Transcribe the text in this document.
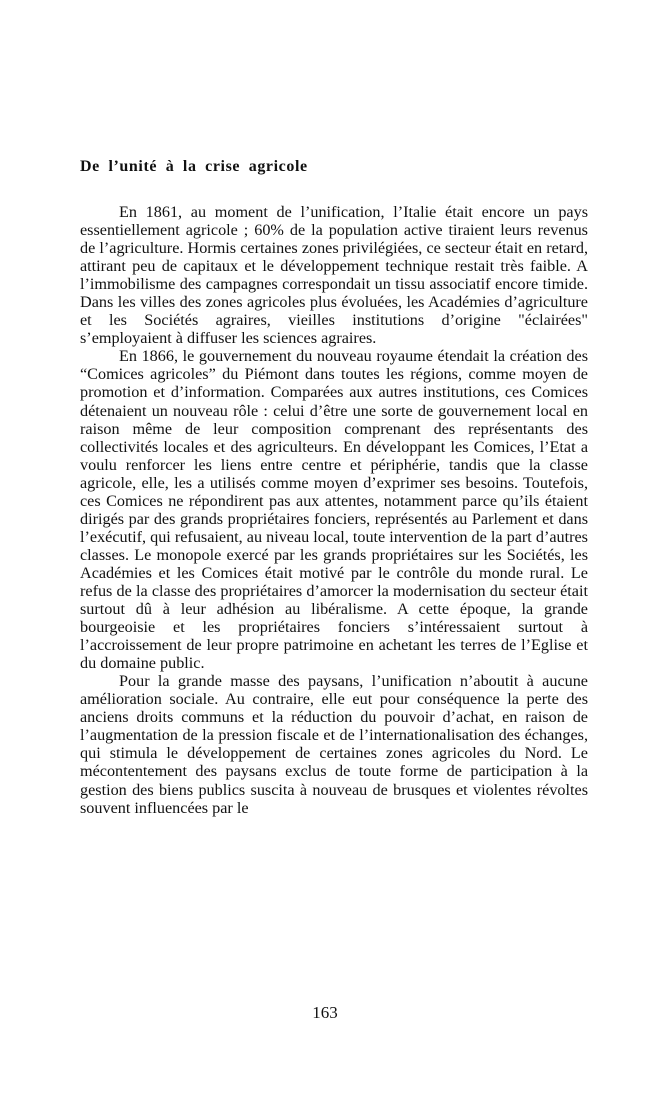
De l’unité à la crise agricole

En 1861, au moment de l’unification, l’Italie était encore un pays essentiellement agricole ; 60% de la population active tiraient leurs revenus de l’agriculture. Hormis certaines zones privilégiées, ce secteur était en retard, attirant peu de capitaux et le développement technique restait très faible. A l’immobilisme des campagnes correspondait un tissu associatif encore timide. Dans les villes des zones agricoles plus évoluées, les Académies d’agriculture et les Sociétés agraires, vieilles institutions d’origine "éclairées" s’employaient à diffuser les sciences agraires.

En 1866, le gouvernement du nouveau royaume étendait la création des “Comices agricoles” du Piémont dans toutes les régions, comme moyen de promotion et d’information. Comparées aux autres institutions, ces Comices détenaient un nouveau rôle : celui d’être une sorte de gouvernement local en raison même de leur composition comprenant des représentants des collectivités locales et des agriculteurs. En développant les Comices, l’Etat a voulu renforcer les liens entre centre et périphérie, tandis que la classe agricole, elle, les a utilisés comme moyen d’exprimer ses besoins. Toutefois, ces Comices ne répondirent pas aux attentes, notamment parce qu’ils étaient dirigés par des grands propriétaires fonciers, représentés au Parlement et dans l’exécutif, qui refusaient, au niveau local, toute intervention de la part d’autres classes. Le monopole exercé par les grands propriétaires sur les Sociétés, les Académies et les Comices était motivé par le contrôle du monde rural. Le refus de la classe des propriétaires d’amorcer la modernisation du secteur était surtout dû à leur adhésion au libéralisme. A cette époque, la grande bourgeoisie et les propriétaires fonciers s’intéressaient surtout à l’accroissement de leur propre patrimoine en achetant les terres de l’Eglise et du domaine public.

Pour la grande masse des paysans, l’unification n’aboutit à aucune amélioration sociale. Au contraire, elle eut pour conséquence la perte des anciens droits communs et la réduction du pouvoir d’achat, en raison de l’augmentation de la pression fiscale et de l’internationalisation des échanges, qui stimula le développement de certaines zones agricoles du Nord. Le mécontentement des paysans exclus de toute forme de participation à la gestion des biens publics suscita à nouveau de brusques et violentes révoltes souvent influencées par le

163
